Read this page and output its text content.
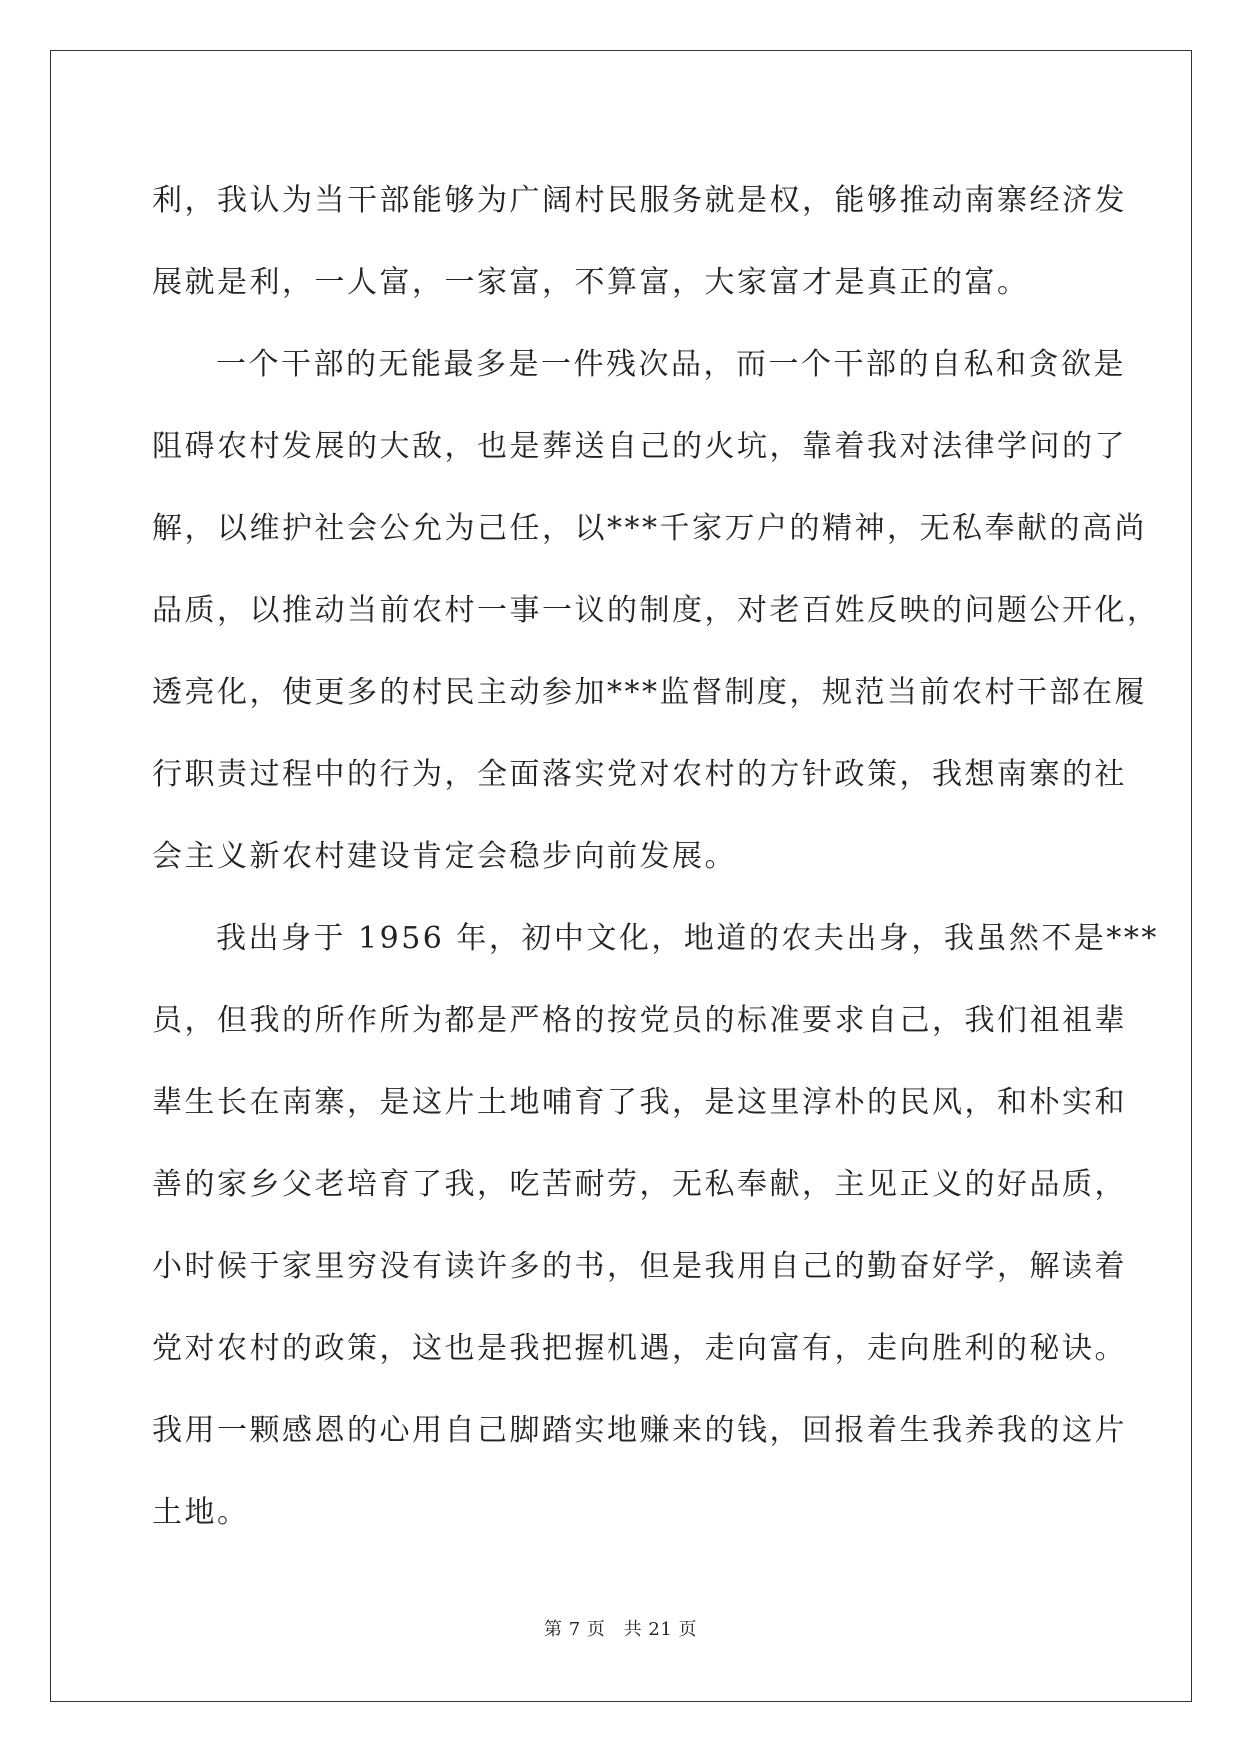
利，我认为当干部能够为广阔村民服务就是权，能够推动南寨经济发
展就是利，一人富，一家富，不算富，大家富才是真正的富。

一个干部的无能最多是一件残次品，而一个干部的自私和贪欲是
阻碍农村发展的大敌，也是葬送自己的火坑，靠着我对法律学问的了
解，以维护社会公允为己任，以***千家万户的精神，无私奉献的高尚
品质，以推动当前农村一事一议的制度，对老百姓反映的问题公开化，
透亮化，使更多的村民主动参加***监督制度，规范当前农村干部在履
行职责过程中的行为，全面落实党对农村的方针政策，我想南寨的社
会主义新农村建设肯定会稳步向前发展。

我出身于 1956 年，初中文化，地道的农夫出身，我虽然不是***
员，但我的所作所为都是严格的按党员的标准要求自己，我们祖祖辈
辈生长在南寨，是这片土地哺育了我，是这里淳朴的民风，和朴实和
善的家乡父老培育了我，吃苦耐劳，无私奉献，主见正义的好品质，
小时候于家里穷没有读许多的书，但是我用自己的勤奋好学，解读着
党对农村的政策，这也是我把握机遇，走向富有，走向胜利的秘诀。
我用一颗感恩的心用自己脚踏实地赚来的钱，回报着生我养我的这片
土地。

第 7 页 共 21 页
